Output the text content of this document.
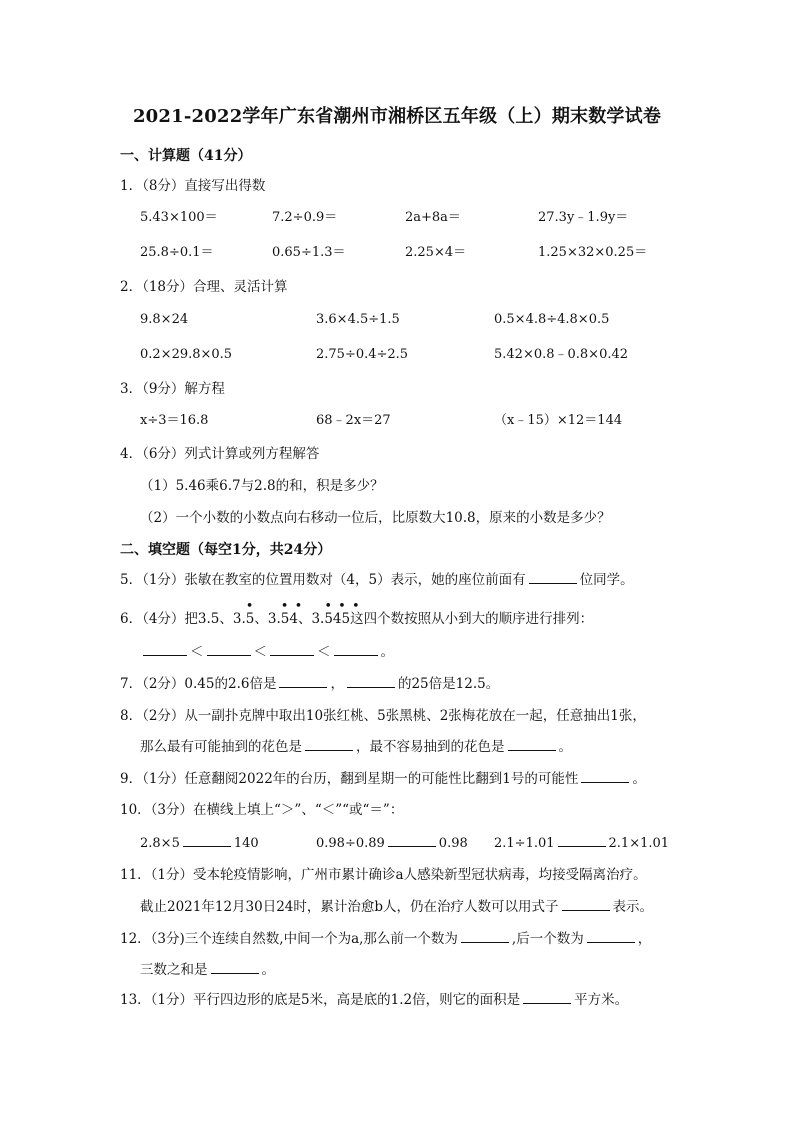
2021-2022学年广东省潮州市湘桥区五年级（上）期末数学试卷
一、计算题（41分）
1．（8分）直接写出得数
5.43×100＝	7.2÷0.9＝	2a+8a＝	27.3y﹣1.9y＝
25.8÷0.1＝	0.65÷1.3＝	2.25×4＝	1.25×32×0.25＝
2．（18分）合理、灵活计算
9.8×24	3.6×4.5÷1.5	0.5×4.8÷4.8×0.5
0.2×29.8×0.5	2.75÷0.4÷2.5	5.42×0.8﹣0.8×0.42
3．（9分）解方程
x÷3＝16.8	68﹣2x＝27	（x﹣15）×12＝144
4．（6分）列式计算或列方程解答
（1）5.46乘6.7与2.8的和，积是多少？
（2）一个小数的小数点向右移动一位后，比原数大10.8，原来的小数是多少？
二、填空题（每空1分，共24分）
5．（1分）张敏在教室的位置用数对（4，5）表示，她的座位前面有	位同学。
6．（4分）把3.5、3.
•
5、3.
• •
54、3.
• • •
545这四个数按照从小到大的顺序进行排列：
＜	＜	＜	。
7．（2分）0.45的2.6倍是	，	的25倍是12.5。
8．（2分）从一副扑克牌中取出10张红桃、5张黑桃、2张梅花放在一起，任意抽出1张，
那么最有可能抽到的花色是	，最不容易抽到的花色是	。
9．（1分）任意翻阅2022年的台历，翻到星期一的可能性比翻到1号的可能性	。
10．（3分）在横线上填上“＞”、“＜”“或“＝”：
2.8×5	140	0.98÷0.89	0.98 2.1÷1.01	2.1×1.01
11．（1分）受本轮疫情影响，广州市累计确诊a人感染新型冠状病毒，均接受隔离治疗。
截止2021年12月30日24时，累计治愈b人，仍在治疗人数可以用式子	表示。
12．（3分)三个连续自然数,中间一个为a,那么前一个数为	,后一个数为	，
三数之和是	。
13．（1分）平行四边形的底是5米，高是底的1.2倍，则它的面积是	平方米。
